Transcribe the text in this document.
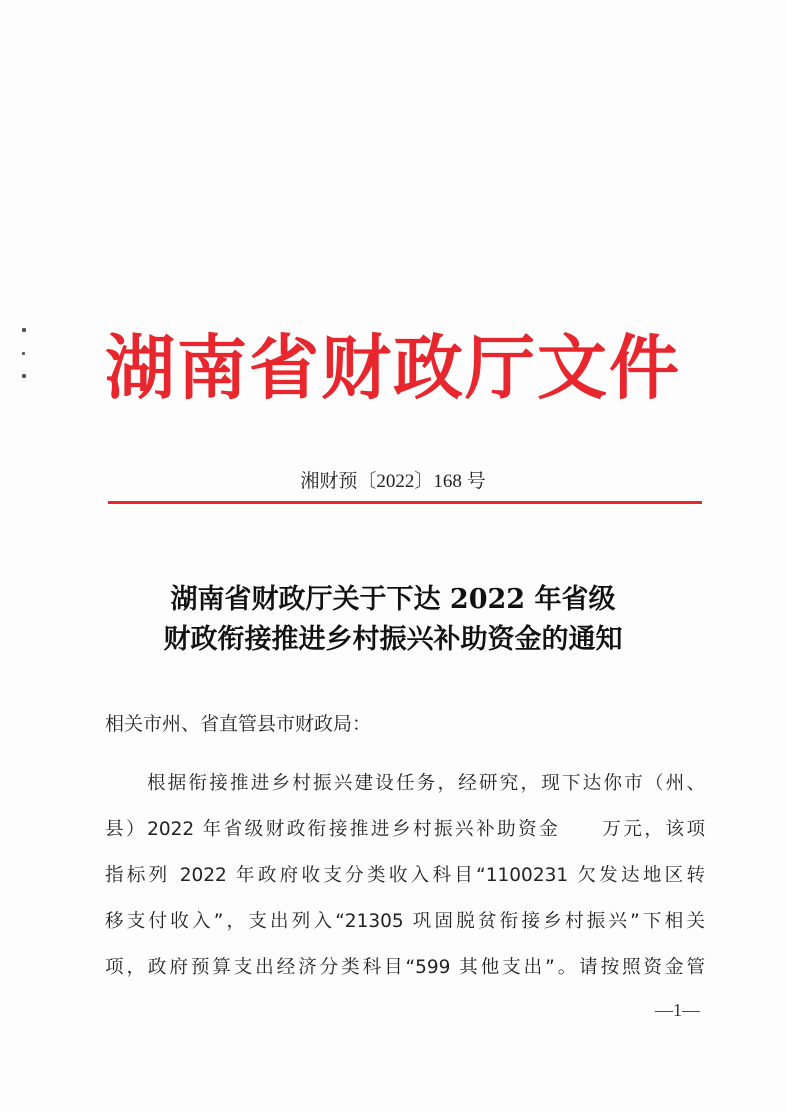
湖南省财政厅文件
湘财预〔2022〕168 号
湖南省财政厅关于下达 2022 年省级
财政衔接推进乡村振兴补助资金的通知
相关市州、省直管县市财政局：
根据衔接推进乡村振兴建设任务，经研究，现下达你市（州、
县）2022 年省级财政衔接推进乡村振兴补助资金　　万元，该项
指标列 2022 年政府收支分类收入科目“1100231 欠发达地区转
移支付收入”，支出列入“21305 巩固脱贫衔接乡村振兴”下相关
项，政府预算支出经济分类科目“599 其他支出”。请按照资金管
—1—
